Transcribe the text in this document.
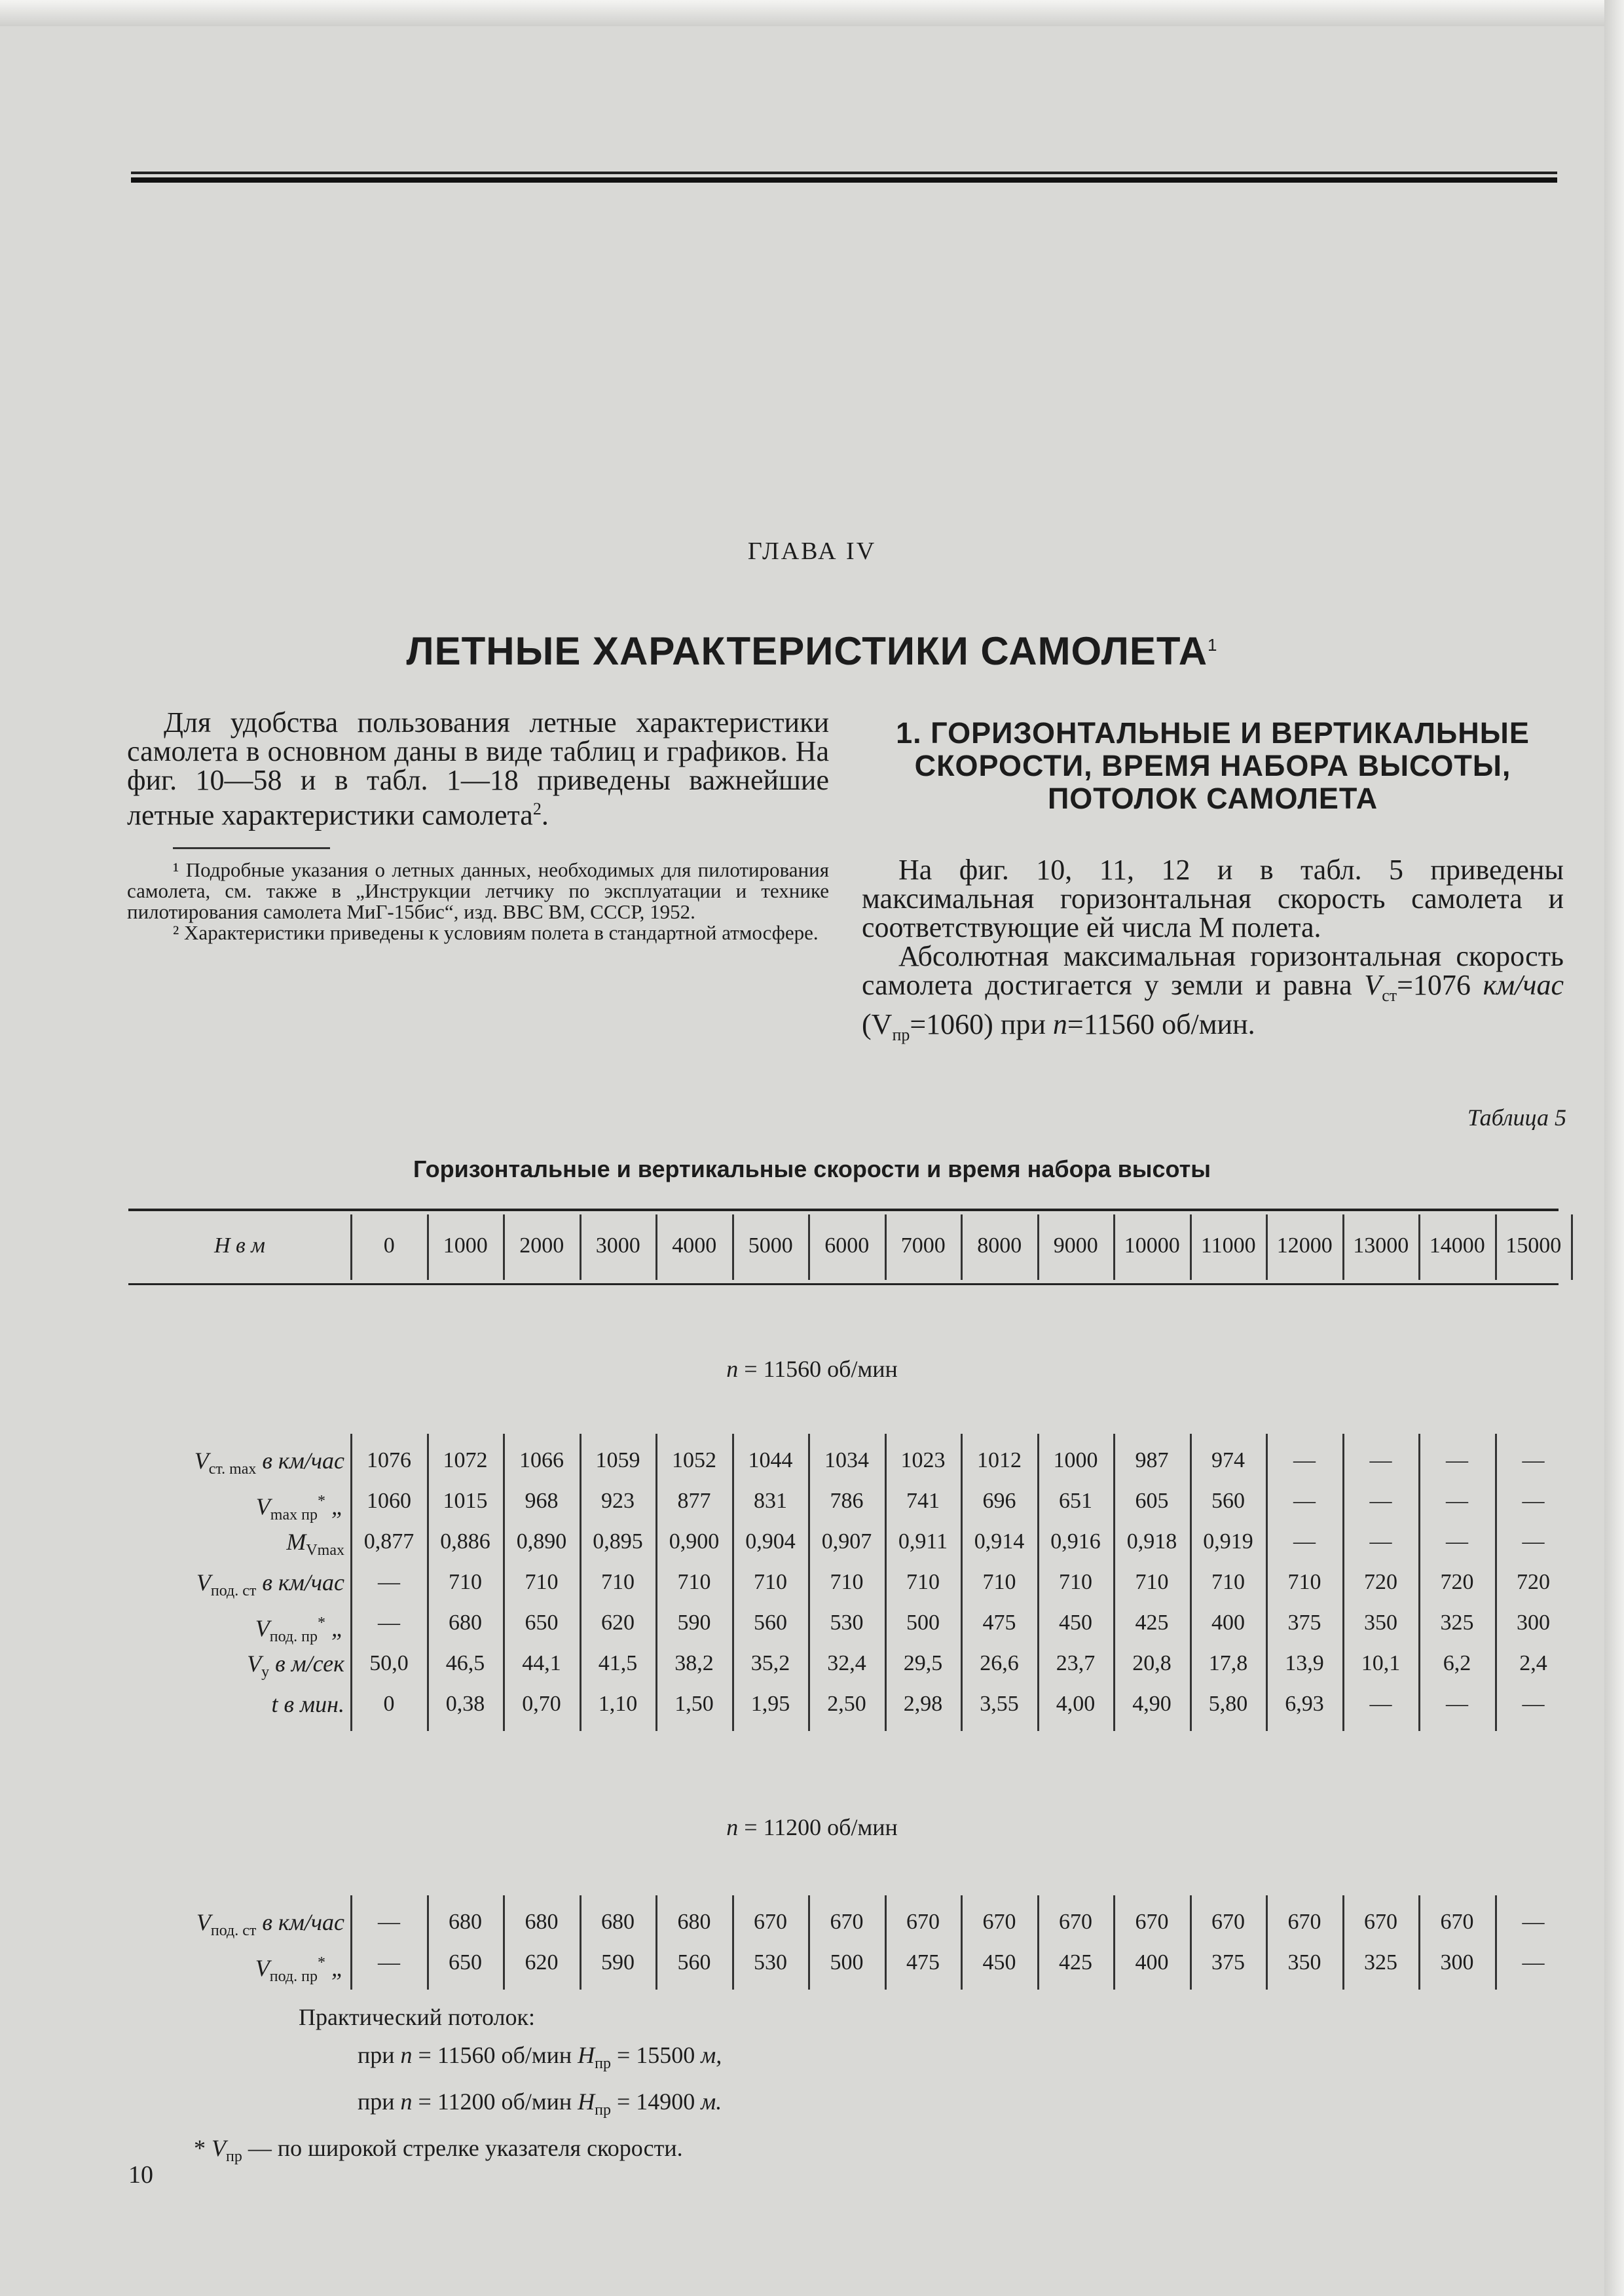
ГЛАВА IV
ЛЕТНЫЕ ХАРАКТЕРИСТИКИ САМОЛЕТА$^1$

Для удобства пользования летные характеристики самолета в основном даны в виде таблиц и графиков. На фиг. 10—58 и в табл. 1—18 приведены важнейшие летные характеристики самолета$^2$.

¹ Подробные указания о летных данных, необходимых для пилотирования самолета, см. также в „Инструкции летчику по эксплуатации и технике пилотирования самолета МиГ-15бис“, изд. ВВС ВМ, СССР, 1952.

² Характеристики приведены к условиям полета в стандартной атмосфере.

1. ГОРИЗОНТАЛЬНЫЕ И ВЕРТИКАЛЬНЫЕ СКОРОСТИ, ВРЕМЯ НАБОРА ВЫСОТЫ, ПОТОЛОК САМОЛЕТА

На фиг. 10, 11, 12 и в табл. 5 приведены максимальная горизонтальная скорость самолета и соответствующие ей числа М полета.

Абсолютная максимальная горизонтальная скорость самолета достигается у земли и равна $V_{ст}=1076$ км/час $(V_{пр}=1060)$ при n=11560 об/мин.

Таблица 5
Горизонтальные и вертикальные скорости и время набора высоты
Н в м	0	1000	2000	3000	4000	5000	6000	7000	8000	9000	10000 11000 12000 13000 14000 15000
$V_{ст. max}$ в км/час	1076	1072	1066	1059	1052	1044	1034	1023	1012	1000	987	974	—	—	—	—
$V_{max пр}^*$ „	1060	1015	968	923	877	831	786	741	696	651	605	560	—	—	—	—
$M_{Vmax}$ 0,877	0,886	0,890	0,895	0,900	0,904	0,907	0,911	0,914	0,916	0,918	0,919	—	—	—	—
$V_{под. ст}$ в км/час	—	710	710	710	710	710	710	710	710	710	710	710	710	720	720	720
$V_{под. пр}^*$ „	—	680	650	620	590	560	530	500	475	450	425	400	375	350	325	300
$V_y$ в м/сек	50,0	46,5	44,1	41,5	38,2	35,2	32,4	29,5	26,6	23,7	20,8	17,8	13,9	10,1	6,2	2,4
t в мин.	0	0,38	0,70	1,10	1,50	1,95	2,50	2,98	3,55	4,00	4,90	5,80	6,93	—	—	—
$V_{под. ст}$ в км/час	—	680	680	680	680	670	670	670	670	670	670	670	670	670	670	—
$V_{под. пр}^*$ „	—	650	620	590	560	530	500	475	450	425	400	375	350	325	300	—
n = 11560 об/мин
n = 11200 об/мин
Практический потолок:
при n = 11560 об/мин $H_{пр} = 15500$ м,
при n = 11200 об/мин $H_{пр} = 14900$ м.
* $V_{пр}$ — по широкой стрелке указателя скорости.
10
